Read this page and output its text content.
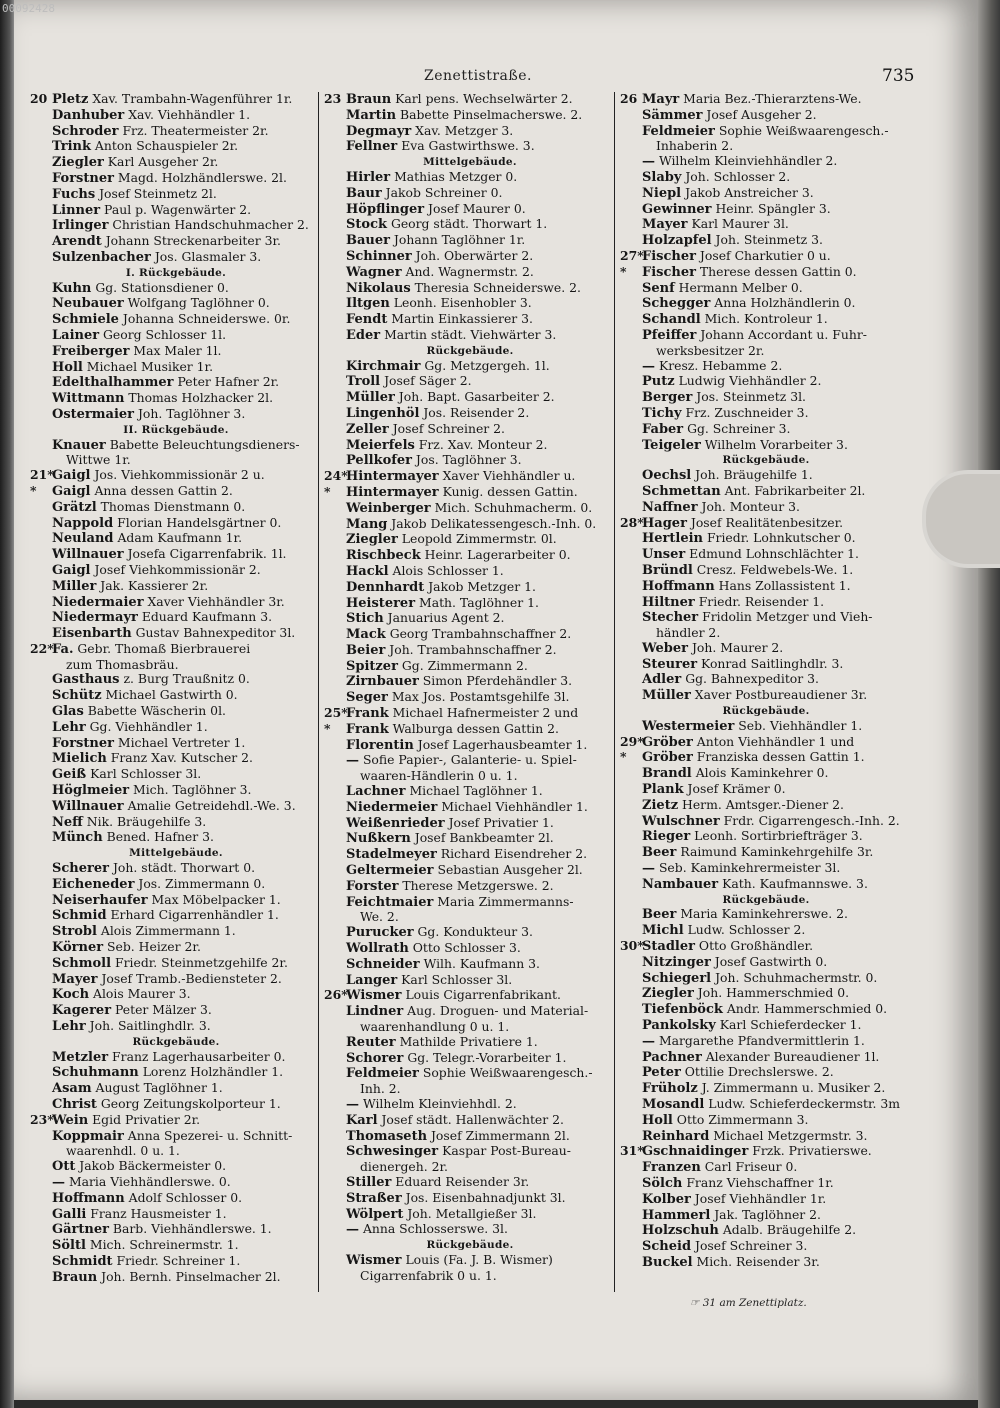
00092428
Zenettistraße.	735
20 Pletz Xav. Trambahn-Wagenführer 1r.
Danhuber Xav. Viehhändler 1.
Schroder Frz. Theatermeister 2r.
Trink Anton Schauspieler 2r.
Ziegler Karl Ausgeher 2r.
Forstner Magd. Holzhändlerswe. 2l.
Fuchs Josef Steinmetz 2l.
Linner Paul p. Wagenwärter 2.
Irlinger Christian Handschuhmacher 2.
Arendt Johann Streckenarbeiter 3r.
Sulzenbacher Jos. Glasmaler 3.
I. Rückgebäude.
Kuhn Gg. Stationsdiener 0.
Neubauer Wolfgang Taglöhner 0.
Schmiele Johanna Schneiderswe. 0r.
Lainer Georg Schlosser 1l.
Freiberger Max Maler 1l.
Holl Michael Musiker 1r.
Edelthalhammer Peter Hafner 2r.
Wittmann Thomas Holzhacker 2l.
Ostermaier Joh. Taglöhner 3.
II. Rückgebäude.
Knauer Babette Beleuchtungsdieners-
Wittwe 1r.
21*
Gaigl Jos. Viehkommissionär 2 u.
* Gaigl Anna dessen Gattin 2.
Grätzl Thomas Dienstmann 0.
Nappold Florian Handelsgärtner 0.
Neuland Adam Kaufmann 1r.
Willnauer Josefa Cigarrenfabrik. 1l.
Gaigl Josef Viehkommissionär 2.
Miller Jak. Kassierer 2r.
Niedermaier Xaver Viehhändler 3r.
Niedermayr Eduard Kaufmann 3.
Eisenbarth Gustav Bahnexpeditor 3l.
22*
Fa. Gebr. Thomaß Bierbrauerei
zum Thomasbräu.
Gasthaus z. Burg Traußnitz 0.
Schütz Michael Gastwirth 0.
Glas Babette Wäscherin 0l.
Lehr Gg. Viehhändler 1.
Forstner Michael Vertreter 1.
Mielich Franz Xav. Kutscher 2.
Geiß Karl Schlosser 3l.
Höglmeier Mich. Taglöhner 3.
Willnauer Amalie Getreidehdl.-We. 3.
Neff Nik. Bräugehilfe 3.
Münch Bened. Hafner 3.
Mittelgebäude.
Scherer Joh. städt. Thorwart 0.
Eicheneder Jos. Zimmermann 0.
Neiserhaufer Max Möbelpacker 1.
Schmid Erhard Cigarrenhändler 1.
Strobl Alois Zimmermann 1.
Körner Seb. Heizer 2r.
Schmoll Friedr. Steinmetzgehilfe 2r.
Mayer Josef Tramb.-Bediensteter 2.
Koch Alois Maurer 3.
Kagerer Peter Mälzer 3.
Lehr Joh. Saitlinghdlr. 3.
Rückgebäude.
Metzler Franz Lagerhausarbeiter 0.
Schuhmann Lorenz Holzhändler 1.
Asam August Taglöhner 1.
Christ Georg Zeitungskolporteur 1.
23*
Wein Egid Privatier 2r.
Koppmair Anna Spezerei- u. Schnitt-
waarenhdl. 0 u. 1.
Ott Jakob Bäckermeister 0.
— Maria Viehhändlerswe. 0.
Hoffmann Adolf Schlosser 0.
Galli Franz Hausmeister 1.
Gärtner Barb. Viehhändlerswe. 1.
Söltl Mich. Schreinermstr. 1.
Schmidt Friedr. Schreiner 1.
Braun Joh. Bernh. Pinselmacher 2l.
23 Braun Karl pens. Wechselwärter 2.
Martin Babette Pinselmacherswe. 2.
Degmayr Xav. Metzger 3.
Fellner Eva Gastwirthswe. 3.
Mittelgebäude.
Hirler Mathias Metzger 0.
Baur Jakob Schreiner 0.
Höpflinger Josef Maurer 0.
Stock Georg städt. Thorwart 1.
Bauer Johann Taglöhner 1r.
Schinner Joh. Oberwärter 2.
Wagner And. Wagnermstr. 2.
Nikolaus Theresia Schneiderswe. 2.
Iltgen Leonh. Eisenhobler 3.
Fendt Martin Einkassierer 3.
Eder Martin städt. Viehwärter 3.
Rückgebäude.
Kirchmair Gg. Metzgergeh. 1l.
Troll Josef Säger 2.
Müller Joh. Bapt. Gasarbeiter 2.
Lingenhöl Jos. Reisender 2.
Zeller Josef Schreiner 2.
Meierfels Frz. Xav. Monteur 2.
Pellkofer Jos. Taglöhner 3.
24*
Hintermayer Xaver Viehhändler u.
* Hintermayer Kunig. dessen Gattin.
Weinberger Mich. Schuhmacherm. 0.
Mang Jakob Delikatessengesch.-Inh. 0.
Ziegler Leopold Zimmermstr. 0l.
Rischbeck Heinr. Lagerarbeiter 0.
Hackl Alois Schlosser 1.
Dennhardt Jakob Metzger 1.
Heisterer Math. Taglöhner 1.
Stich Januarius Agent 2.
Mack Georg Trambahnschaffner 2.
Beier Joh. Trambahnschaffner 2.
Spitzer Gg. Zimmermann 2.
Zirnbauer Simon Pferdehändler 3.
Seger Max Jos. Postamtsgehilfe 3l.
25*
Frank Michael Hafnermeister 2 und
* Frank Walburga dessen Gattin 2.
Florentin Josef Lagerhausbeamter 1.
— Sofie Papier-, Galanterie- u. Spiel-
waaren-Händlerin 0 u. 1.
Lachner Michael Taglöhner 1.
Niedermeier Michael Viehhändler 1.
Weißenrieder Josef Privatier 1.
Nußkern Josef Bankbeamter 2l.
Stadelmeyer Richard Eisendreher 2.
Geltermeier Sebastian Ausgeher 2l.
Forster Therese Metzgerswe. 2.
Feichtmaier Maria Zimmermanns-
We. 2.
Purucker Gg. Kondukteur 3.
Wollrath Otto Schlosser 3.
Schneider Wilh. Kaufmann 3.
Langer Karl Schlosser 3l.
26*
Wismer Louis Cigarrenfabrikant.
Lindner Aug. Droguen- und Material-
waarenhandlung 0 u. 1.
Reuter Mathilde Privatiere 1.
Schorer Gg. Telegr.-Vorarbeiter 1.
Feldmeier Sophie Weißwaarengesch.-
Inh. 2.
— Wilhelm Kleinviehhdl. 2.
Karl Josef städt. Hallenwächter 2.
Thomaseth Josef Zimmermann 2l.
Schwesinger Kaspar Post-Bureau-
dienergeh. 2r.
Stiller Eduard Reisender 3r.
Straßer Jos. Eisenbahnadjunkt 3l.
Wölpert Joh. Metallgießer 3l.
— Anna Schlosserswe. 3l.
Rückgebäude.
Wismer Louis (Fa. J. B. Wismer)
Cigarrenfabrik 0 u. 1.
26 Mayr Maria Bez.-Thierarztens-We.
Sämmer Josef Ausgeher 2.
Feldmeier Sophie Weißwaarengesch.-
Inhaberin 2.
— Wilhelm Kleinviehhändler 2.
Slaby Joh. Schlosser 2.
Niepl Jakob Anstreicher 3.
Gewinner Heinr. Spängler 3.
Mayer Karl Maurer 3l.
Holzapfel Joh. Steinmetz 3.
27*
Fischer Josef Charkutier 0 u.
* Fischer Therese dessen Gattin 0.
Senf Hermann Melber 0.
Schegger Anna Holzhändlerin 0.
Schandl Mich. Kontroleur 1.
Pfeiffer Johann Accordant u. Fuhr-
werksbesitzer 2r.
— Kresz. Hebamme 2.
Putz Ludwig Viehhändler 2.
Berger Jos. Steinmetz 3l.
Tichy Frz. Zuschneider 3.
Faber Gg. Schreiner 3.
Teigeler Wilhelm Vorarbeiter 3.
Rückgebäude.
Oechsl Joh. Bräugehilfe 1.
Schmettan Ant. Fabrikarbeiter 2l.
Naffner Joh. Monteur 3.
28*
Hager Josef Realitätenbesitzer.
Hertlein Friedr. Lohnkutscher 0.
Unser Edmund Lohnschlächter 1.
Bründl Cresz. Feldwebels-We. 1.
Hoffmann Hans Zollassistent 1.
Hiltner Friedr. Reisender 1.
Stecher Fridolin Metzger und Vieh-
händler 2.
Weber Joh. Maurer 2.
Steurer Konrad Saitlinghdlr. 3.
Adler Gg. Bahnexpeditor 3.
Müller Xaver Postbureaudiener 3r.
Rückgebäude.
Westermeier Seb. Viehhändler 1.
29*
Gröber Anton Viehhändler 1 und
* Gröber Franziska dessen Gattin 1.
Brandl Alois Kaminkehrer 0.
Plank Josef Krämer 0.
Zietz Herm. Amtsger.-Diener 2.
Wulschner Frdr. Cigarrengesch.-Inh. 2.
Rieger Leonh. Sortirbriefträger 3.
Beer Raimund Kaminkehrgehilfe 3r.
— Seb. Kaminkehrermeister 3l.
Nambauer Kath. Kaufmannswe. 3.
Rückgebäude.
Beer Maria Kaminkehrerswe. 2.
Michl Ludw. Schlosser 2.
30*
Stadler Otto Großhändler.
Nitzinger Josef Gastwirth 0.
Schiegerl Joh. Schuhmachermstr. 0.
Ziegler Joh. Hammerschmied 0.
Tiefenböck Andr. Hammerschmied 0.
Pankolsky Karl Schieferdecker 1.
— Margarethe Pfandvermittlerin 1.
Pachner Alexander Bureaudiener 1l.
Peter Ottilie Drechslerswe. 2.
Früholz J. Zimmermann u. Musiker 2.
Mosandl Ludw. Schieferdeckermstr. 3m
Holl Otto Zimmermann 3.
Reinhard Michael Metzgermstr. 3.
31*
Gschnaidinger Frzk. Privatierswe.
Franzen Carl Friseur 0.
Sölch Franz Viehschaffner 1r.
Kolber Josef Viehhändler 1r.
Hammerl Jak. Taglöhner 2.
Holzschuh Adalb. Bräugehilfe 2.
Scheid Josef Schreiner 3.
Buckel Mich. Reisender 3r.
☞ 31 am Zenettiplatz.
